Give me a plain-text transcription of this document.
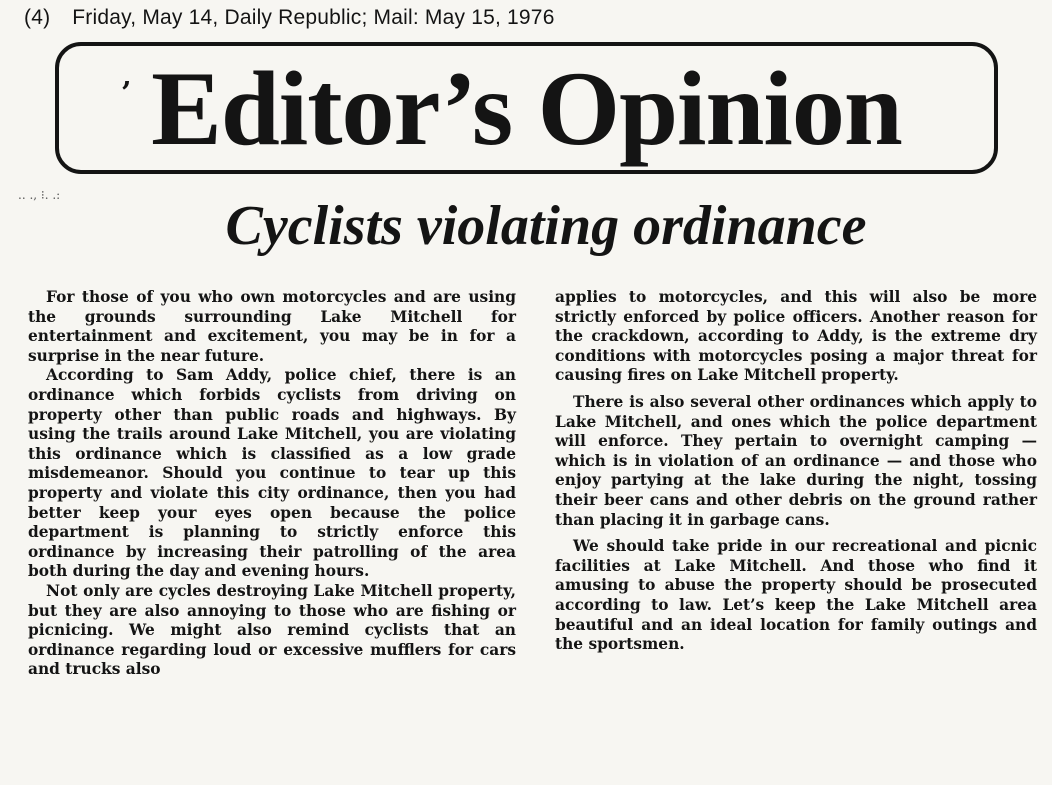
(4) Friday, May 14, Daily Republic; Mail: May 15, 1976
’ Editor’s Opinion
.. ., ⁝. .:	Cyclists violating ordinance

For those of you who own motorcycles and are using the grounds surrounding Lake Mitchell for entertainment and excitement, you may be in for a surprise in the near future.

According to Sam Addy, police chief, there is an ordinance which forbids cyclists from driving on property other than public roads and highways. By using the trails around Lake Mitchell, you are violating this ordinance which is classified as a low grade misdemeanor. Should you continue to tear up this property and violate this city ordinance, then you had better keep your eyes open because the police department is planning to strictly enforce this ordinance by increasing their patrolling of the area both during the day and evening hours.

Not only are cycles destroying Lake Mitchell property, but they are also annoying to those who are fishing or picnicing. We might also remind cyclists that an ordinance regarding loud or excessive mufflers for cars and trucks also

applies to motorcycles, and this will also be more strictly enforced by police officers. Another reason for the crackdown, according to Addy, is the extreme dry conditions with motorcycles posing a major threat for causing fires on Lake Mitchell property.

There is also several other ordinances which apply to Lake Mitchell, and ones which the police department will enforce. They pertain to overnight camping — which is in violation of an ordinance — and those who enjoy partying at the lake during the night, tossing their beer cans and other debris on the ground rather than placing it in garbage cans.

We should take pride in our recreational and picnic facilities at Lake Mitchell. And those who find it amusing to abuse the property should be prosecuted according to law. Let’s keep the Lake Mitchell area beautiful and an ideal location for family outings and the sportsmen.
